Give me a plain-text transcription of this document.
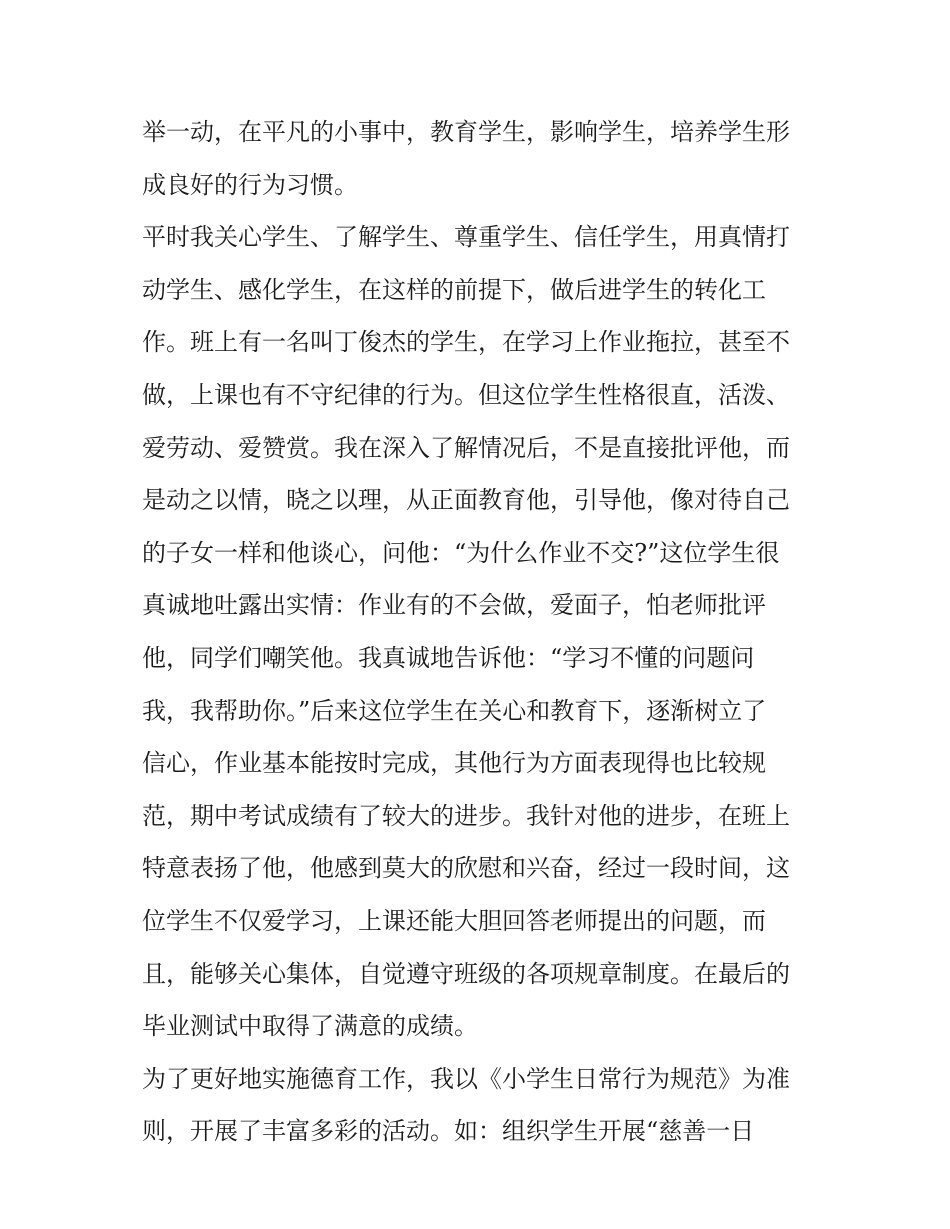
举一动，在平凡的小事中，教育学生，影响学生，培养学生形
成良好的行为习惯。
平时我关心学生、了解学生、尊重学生、信任学生，用真情打
动学生、感化学生，在这样的前提下，做后进学生的转化工
作。班上有一名叫丁俊杰的学生，在学习上作业拖拉，甚至不
做，上课也有不守纪律的行为。但这位学生性格很直，活泼、
爱劳动、爱赞赏。我在深入了解情况后，不是直接批评他，而
是动之以情，晓之以理，从正面教育他，引导他，像对待自己
的子女一样和他谈心，问他：“为什么作业不交?”这位学生很
真诚地吐露出实情：作业有的不会做，爱面子，怕老师批评
他，同学们嘲笑他。我真诚地告诉他：“学习不懂的问题问
我，我帮助你。”后来这位学生在关心和教育下，逐渐树立了
信心，作业基本能按时完成，其他行为方面表现得也比较规
范，期中考试成绩有了较大的进步。我针对他的进步，在班上
特意表扬了他，他感到莫大的欣慰和兴奋，经过一段时间，这
位学生不仅爱学习，上课还能大胆回答老师提出的问题，而
且，能够关心集体，自觉遵守班级的各项规章制度。在最后的
毕业测试中取得了满意的成绩。
为了更好地实施德育工作，我以《小学生日常行为规范》为准
则，开展了丰富多彩的活动。如：组织学生开展“慈善一日
